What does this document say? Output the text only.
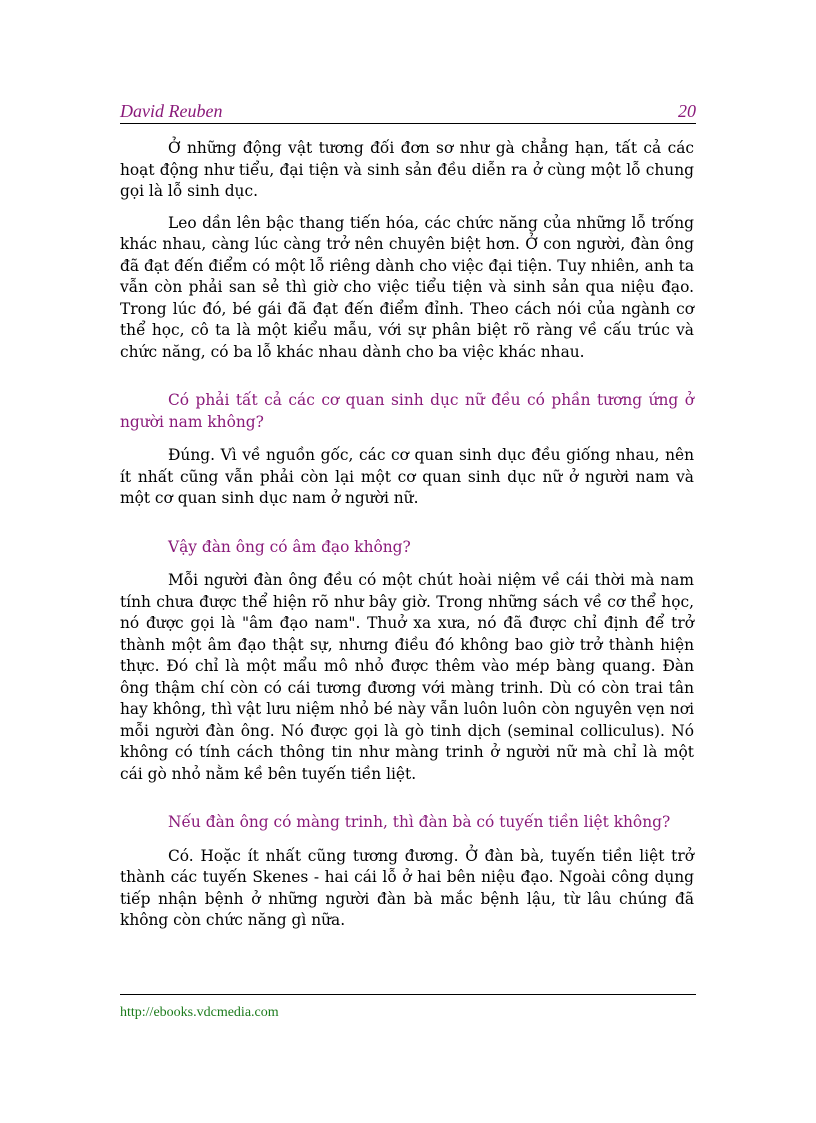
David Reuben	20

Ở những động vật tương đối đơn sơ như gà chẳng hạn, tất cả các hoạt động như tiểu, đại tiện và sinh sản đều diễn ra ở cùng một lỗ chung gọi là lỗ sinh dục.

Leo dần lên bậc thang tiến hóa, các chức năng của những lỗ trống khác nhau, càng lúc càng trở nên chuyên biệt hơn. Ở con người, đàn ông đã đạt đến điểm có một lỗ riêng dành cho việc đại tiện. Tuy nhiên, anh ta vẫn còn phải san sẻ thì giờ cho việc tiểu tiện và sinh sản qua niệu đạo. Trong lúc đó, bé gái đã đạt đến điểm đỉnh. Theo cách nói của ngành cơ thể học, cô ta là một kiểu mẫu, với sự phân biệt rõ ràng về cấu trúc và chức năng, có ba lỗ khác nhau dành cho ba việc khác nhau.

Có phải tất cả các cơ quan sinh dục nữ đều có phần tương ứng ở người nam không?

Đúng. Vì về nguồn gốc, các cơ quan sinh dục đều giống nhau, nên ít nhất cũng vẫn phải còn lại một cơ quan sinh dục nữ ở người nam và một cơ quan sinh dục nam ở người nữ.

Vậy đàn ông có âm đạo không?

Mỗi người đàn ông đều có một chút hoài niệm về cái thời mà nam tính chưa được thể hiện rõ như bây giờ. Trong những sách về cơ thể học, nó được gọi là "âm đạo nam". Thuở xa xưa, nó đã được chỉ định để trở thành một âm đạo thật sự, nhưng điều đó không bao giờ trở thành hiện thực. Đó chỉ là một mẩu mô nhỏ được thêm vào mép bàng quang. Đàn ông thậm chí còn có cái tương đương với màng trinh. Dù có còn trai tân hay không, thì vật lưu niệm nhỏ bé này vẫn luôn luôn còn nguyên vẹn nơi mỗi người đàn ông. Nó được gọi là gò tinh dịch (seminal colliculus). Nó không có tính cách thông tin như màng trinh ở người nữ mà chỉ là một cái gò nhỏ nằm kề bên tuyến tiền liệt.

Nếu đàn ông có màng trinh, thì đàn bà có tuyến tiền liệt không?

Có. Hoặc ít nhất cũng tương đương. Ở đàn bà, tuyến tiền liệt trở thành các tuyến Skenes - hai cái lỗ ở hai bên niệu đạo. Ngoài công dụng tiếp nhận bệnh ở những người đàn bà mắc bệnh lậu, từ lâu chúng đã không còn chức năng gì nữa.

http://ebooks.vdcmedia.com
